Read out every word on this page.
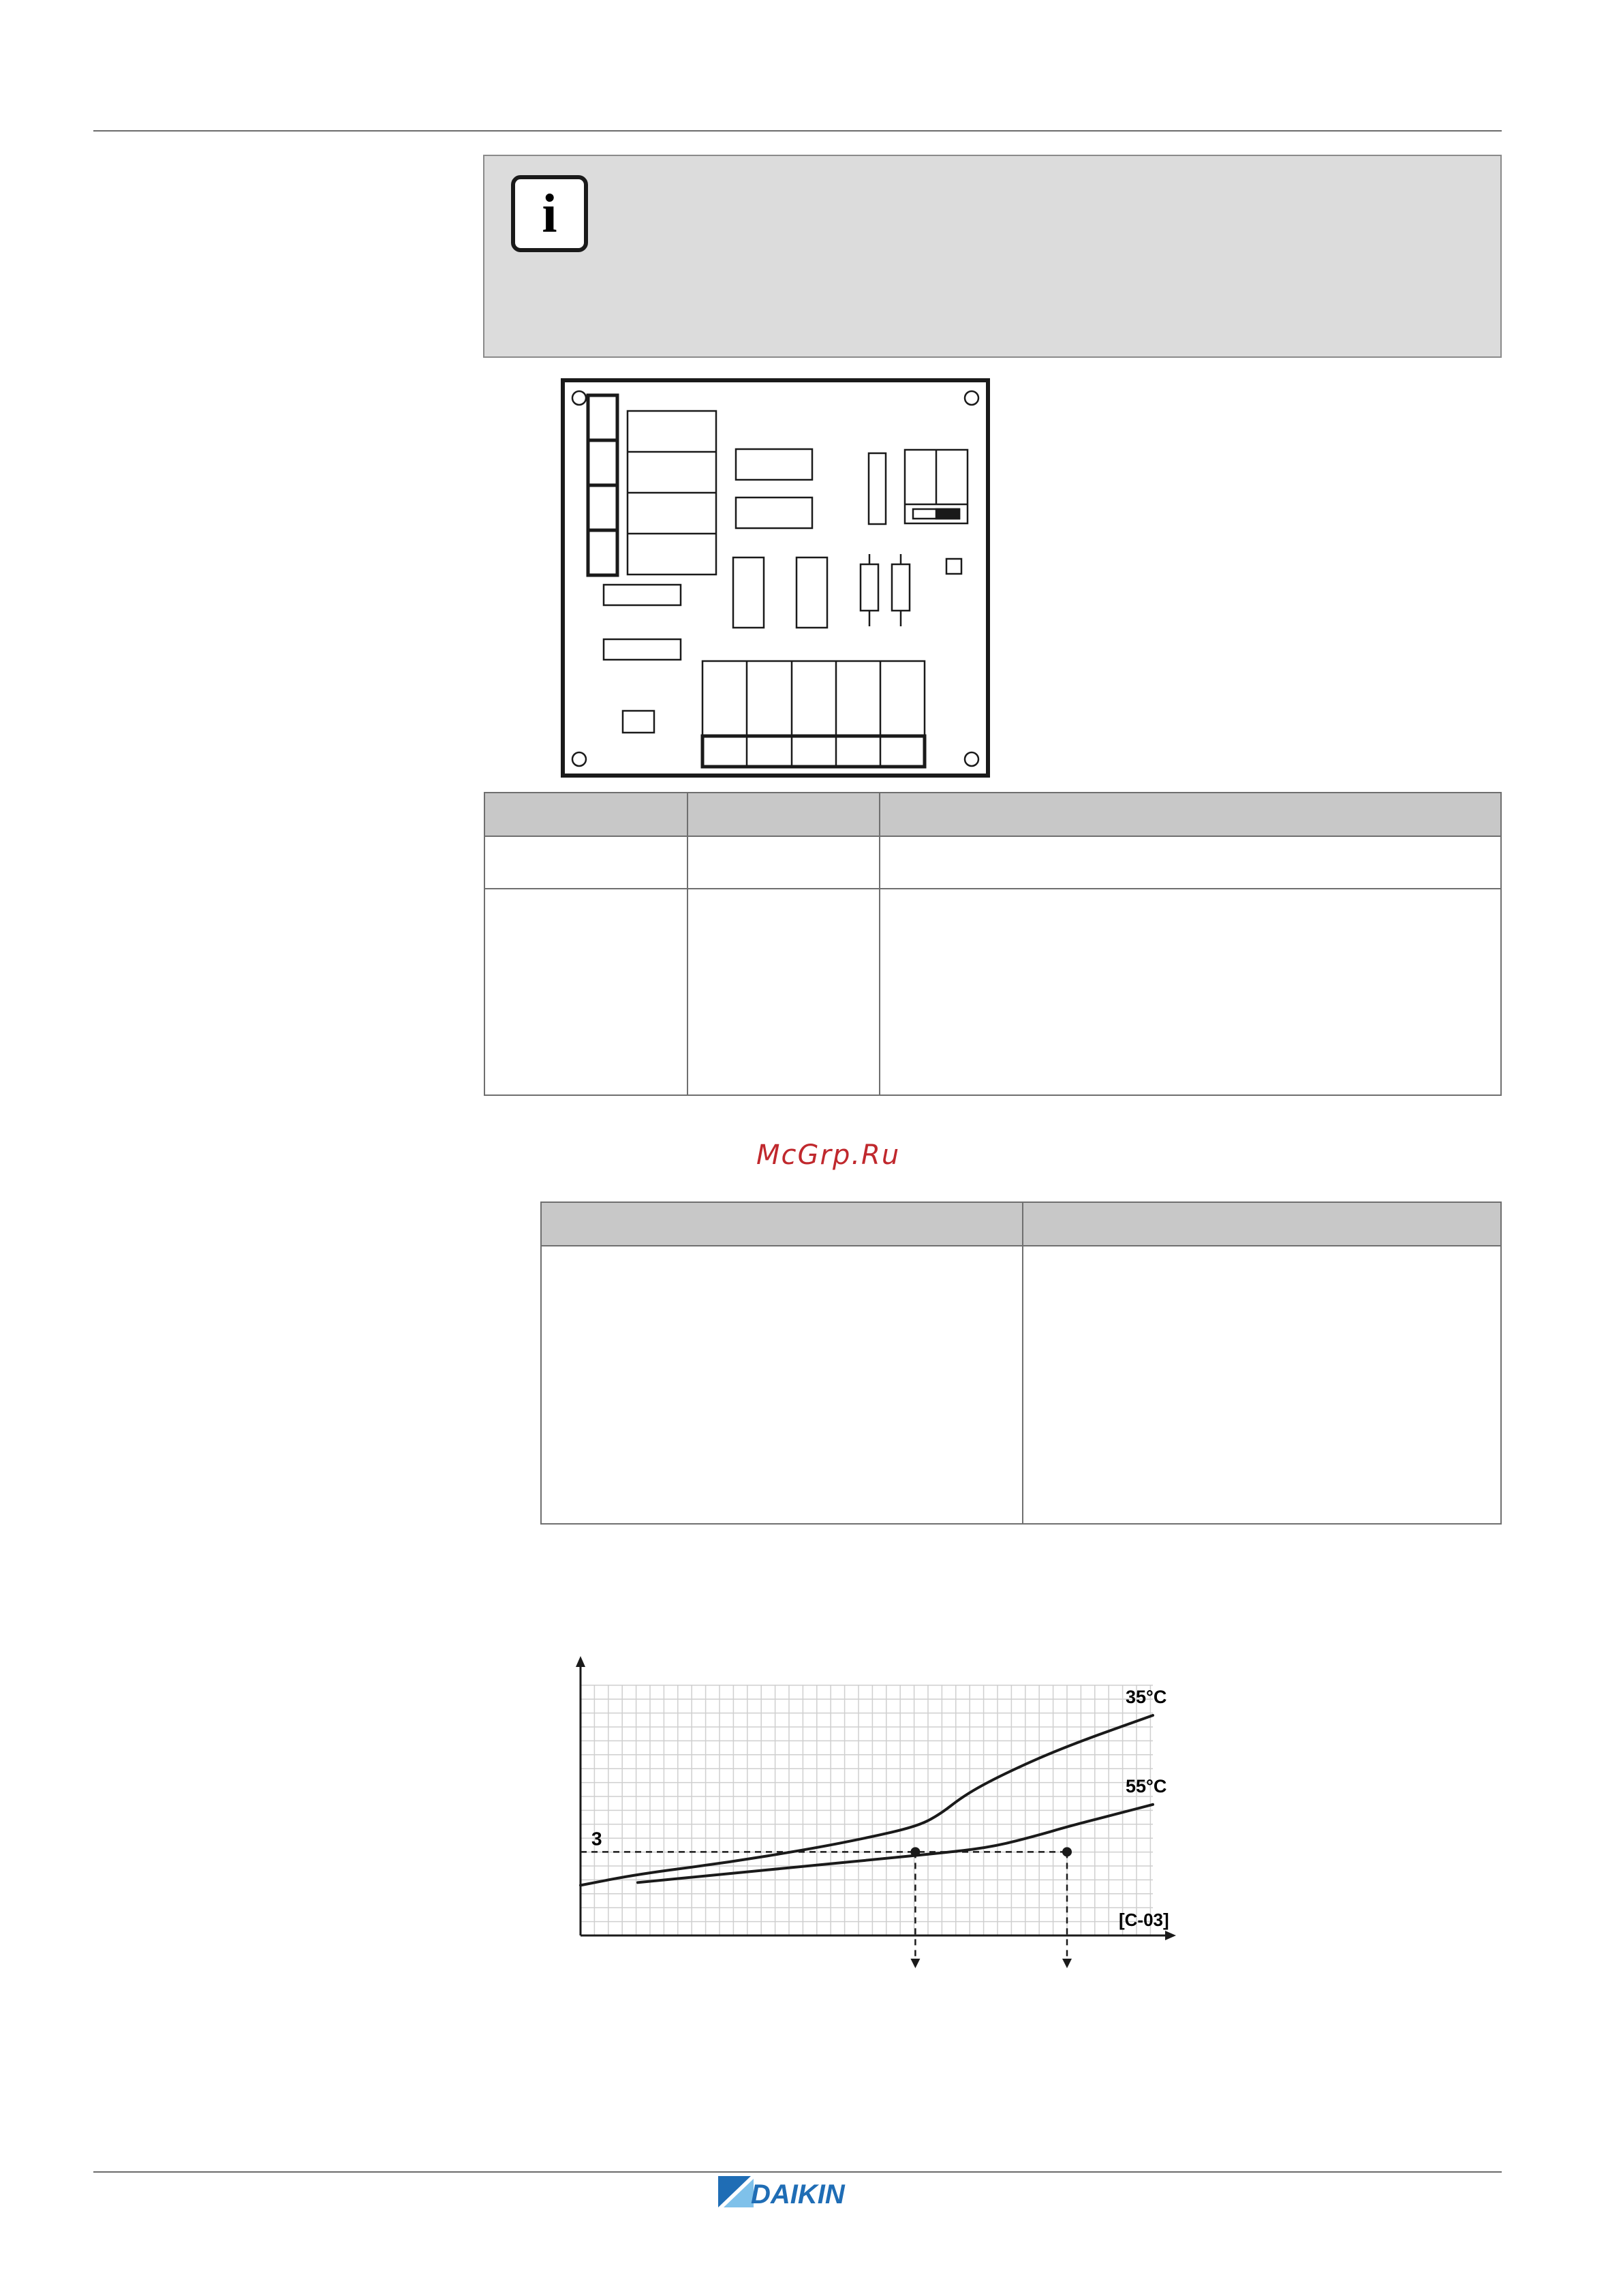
i

McGrp.Ru

35°C
55°C
3
[C-03]
DAIKIN
